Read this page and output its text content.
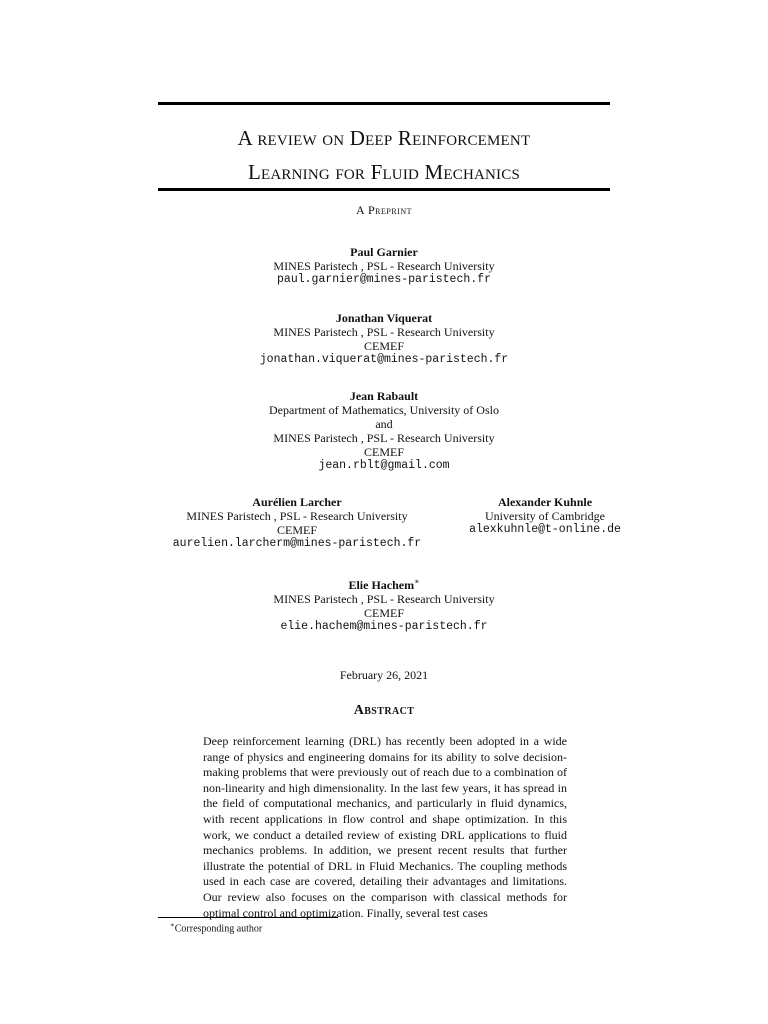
A review on Deep Reinforcement
Learning for Fluid Mechanics
A Preprint
Paul Garnier
MINES Paristech , PSL - Research University
paul.garnier@mines-paristech.fr
Jonathan Viquerat
MINES Paristech , PSL - Research University
CEMEF
jonathan.viquerat@mines-paristech.fr
Jean Rabault
Department of Mathematics, University of Oslo
and
MINES Paristech , PSL - Research University
CEMEF
jean.rblt@gmail.com
Aurélien Larcher
MINES Paristech , PSL - Research University
CEMEF
aurelien.larcherm@mines-paristech.fr
Alexander Kuhnle
University of Cambridge
alexkuhnle@t-online.de
Elie Hachem∗
MINES Paristech , PSL - Research University
CEMEF
elie.hachem@mines-paristech.fr
February 26, 2021
Abstract
Deep reinforcement learning (DRL) has recently been adopted in a wide range of physics and engineering domains for its ability to solve decision-making problems that were previously out of reach due to a combination of non-linearity and high dimensionality. In the last few years, it has spread in the field of computational mechanics, and particularly in fluid dynamics, with recent applications in flow control and shape optimization. In this work, we conduct a detailed review of existing DRL applications to fluid mechanics problems. In addition, we present recent results that further illustrate the potential of DRL in Fluid Mechanics. The coupling methods used in each case are covered, detailing their advantages and limitations. Our review also focuses on the comparison with classical methods for optimal control and optimization. Finally, several test cases
∗Corresponding author
